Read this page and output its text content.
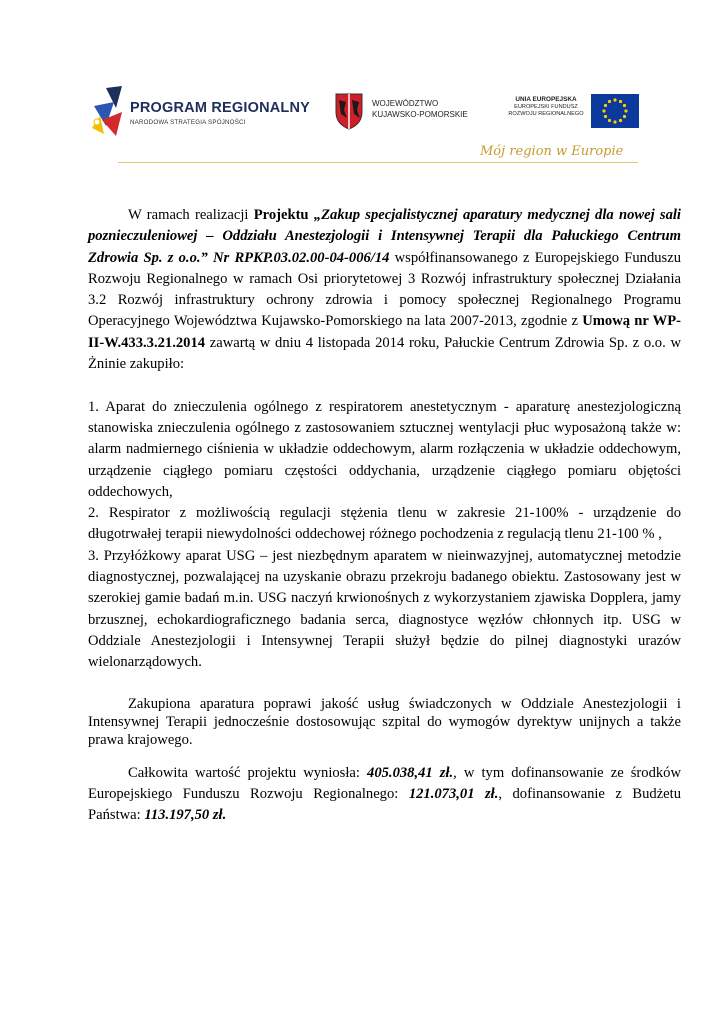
PROGRAM REGIONALNY
NARODOWA STRATEGIA SPÓJNOŚCI
WOJEWÓDZTWO
KUJAWSKO-POMORSKIE
UNIA EUROPEJSKA
EUROPEJSKI FUNDUSZ
ROZWOJU REGIONALNEGO
Mój region w Europie

W ramach realizacji Projektu „Zakup specjalistycznej aparatury medycznej dla nowej sali poznieczuleniowej – Oddziału Anestezjologii i Intensywnej Terapii dla Pałuckiego Centrum Zdrowia Sp. z o.o.” Nr RPKP.03.02.00-04-006/14 współfinansowanego z Europejskiego Funduszu Rozwoju Regionalnego w ramach Osi priorytetowej 3 Rozwój infrastruktury społecznej Działania 3.2 Rozwój infrastruktury ochrony zdrowia i pomocy społecznej Regionalnego Programu Operacyjnego Województwa Kujawsko-Pomorskiego na lata 2007-2013, zgodnie z Umową nr WP-II-W.433.3.21.2014 zawartą w dniu 4 listopada 2014 roku, Pałuckie Centrum Zdrowia Sp. z o.o. w Żninie zakupiło:

1. Aparat do znieczulenia ogólnego z respiratorem anestetycznym - aparaturę anestezjologiczną stanowiska znieczulenia ogólnego z zastosowaniem sztucznej wentylacji płuc wyposażoną także w: alarm nadmiernego ciśnienia w układzie oddechowym, alarm rozłączenia w układzie oddechowym, urządzenie ciągłego pomiaru częstości oddychania, urządzenie ciągłego pomiaru objętości oddechowych,

2. Respirator z możliwością regulacji stężenia tlenu w zakresie 21-100% - urządzenie do długotrwałej terapii niewydolności oddechowej różnego pochodzenia z regulacją tlenu 21-100 % ,

3. Przyłóżkowy aparat USG – jest niezbędnym aparatem w nieinwazyjnej, automatycznej metodzie diagnostycznej, pozwalającej na uzyskanie obrazu przekroju badanego obiektu. Zastosowany jest w szerokiej gamie badań m.in. USG naczyń krwionośnych z wykorzystaniem zjawiska Dopplera, jamy brzusznej, echokardiograficznego badania serca, diagnostyce węzłów chłonnych itp. USG w Oddziale Anestezjologii i Intensywnej Terapii służył będzie do pilnej diagnostyki urazów wielonarządowych.

Zakupiona aparatura poprawi jakość usług świadczonych w Oddziale Anestezjologii i Intensywnej Terapii jednocześnie dostosowując szpital do wymogów dyrektyw unijnych a także prawa krajowego.

Całkowita wartość projektu wyniosła: 405.038,41 zł., w tym dofinansowanie ze środków Europejskiego Funduszu Rozwoju Regionalnego: 121.073,01 zł., dofinansowanie z Budżetu Państwa: 113.197,50 zł.
